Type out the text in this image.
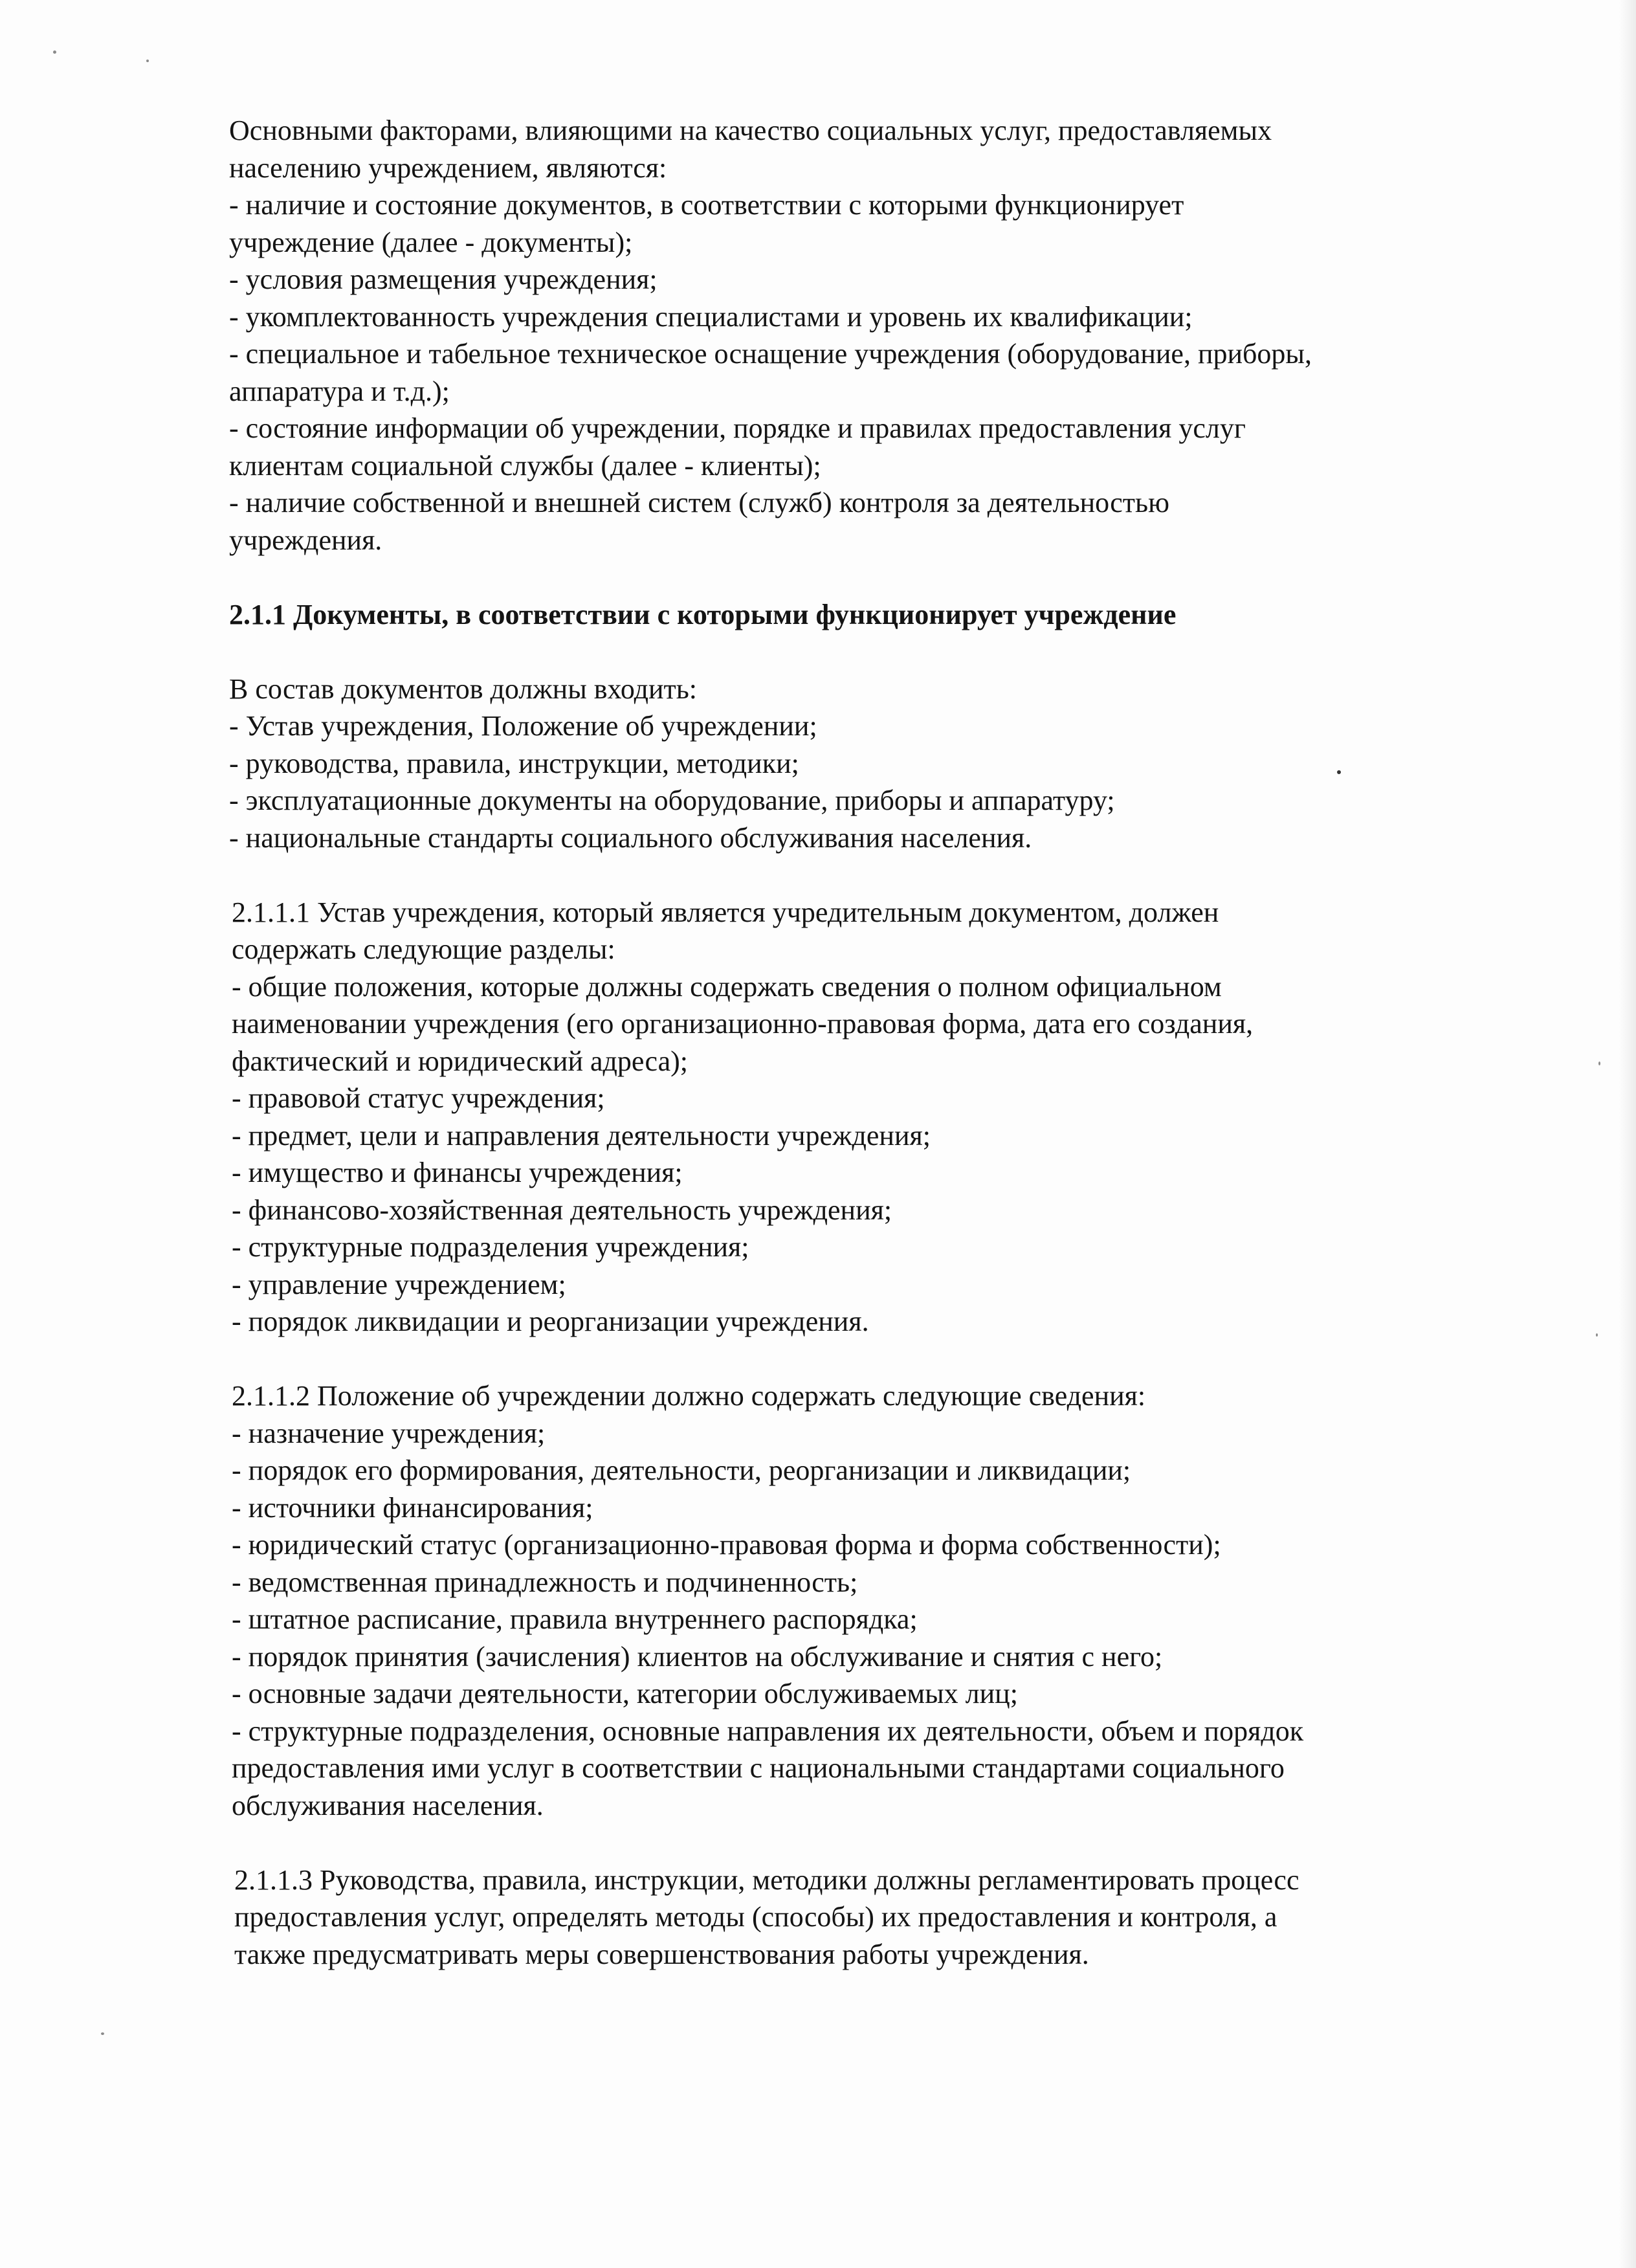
Основными факторами, влияющими на качество социальных услуг, предоставляемых
населению учреждением, являются:
- наличие и состояние документов, в соответствии с которыми функционирует
учреждение (далее - документы);
- условия размещения учреждения;
- укомплектованность учреждения специалистами и уровень их квалификации;
- специальное и табельное техническое оснащение учреждения (оборудование, приборы,
аппаратура и т.д.);
- состояние информации об учреждении, порядке и правилах предоставления услуг
клиентам социальной службы (далее - клиенты);
- наличие собственной и внешней систем (служб) контроля за деятельностью
учреждения.
2.1.1 Документы, в соответствии с которыми функционирует учреждение
В состав документов должны входить:
- Устав учреждения, Положение об учреждении;
- руководства, правила, инструкции, методики;
- эксплуатационные документы на оборудование, приборы и аппаратуру;
- национальные стандарты социального обслуживания населения.
2.1.1.1 Устав учреждения, который является учредительным документом, должен
содержать следующие разделы:
- общие положения, которые должны содержать сведения о полном официальном
наименовании учреждения (его организационно-правовая форма, дата его создания,
фактический и юридический адреса);
- правовой статус учреждения;
- предмет, цели и направления деятельности учреждения;
- имущество и финансы учреждения;
- финансово-хозяйственная деятельность учреждения;
- структурные подразделения учреждения;
- управление учреждением;
- порядок ликвидации и реорганизации учреждения.
2.1.1.2 Положение об учреждении должно содержать следующие сведения:
- назначение учреждения;
- порядок его формирования, деятельности, реорганизации и ликвидации;
- источники финансирования;
- юридический статус (организационно-правовая форма и форма собственности);
- ведомственная принадлежность и подчиненность;
- штатное расписание, правила внутреннего распорядка;
- порядок принятия (зачисления) клиентов на обслуживание и снятия с него;
- основные задачи деятельности, категории обслуживаемых лиц;
- структурные подразделения, основные направления их деятельности, объем и порядок
предоставления ими услуг в соответствии с национальными стандартами социального
обслуживания населения.
2.1.1.3 Руководства, правила, инструкции, методики должны регламентировать процесс
предоставления услуг, определять методы (способы) их предоставления и контроля, а
также предусматривать меры совершенствования работы учреждения.
